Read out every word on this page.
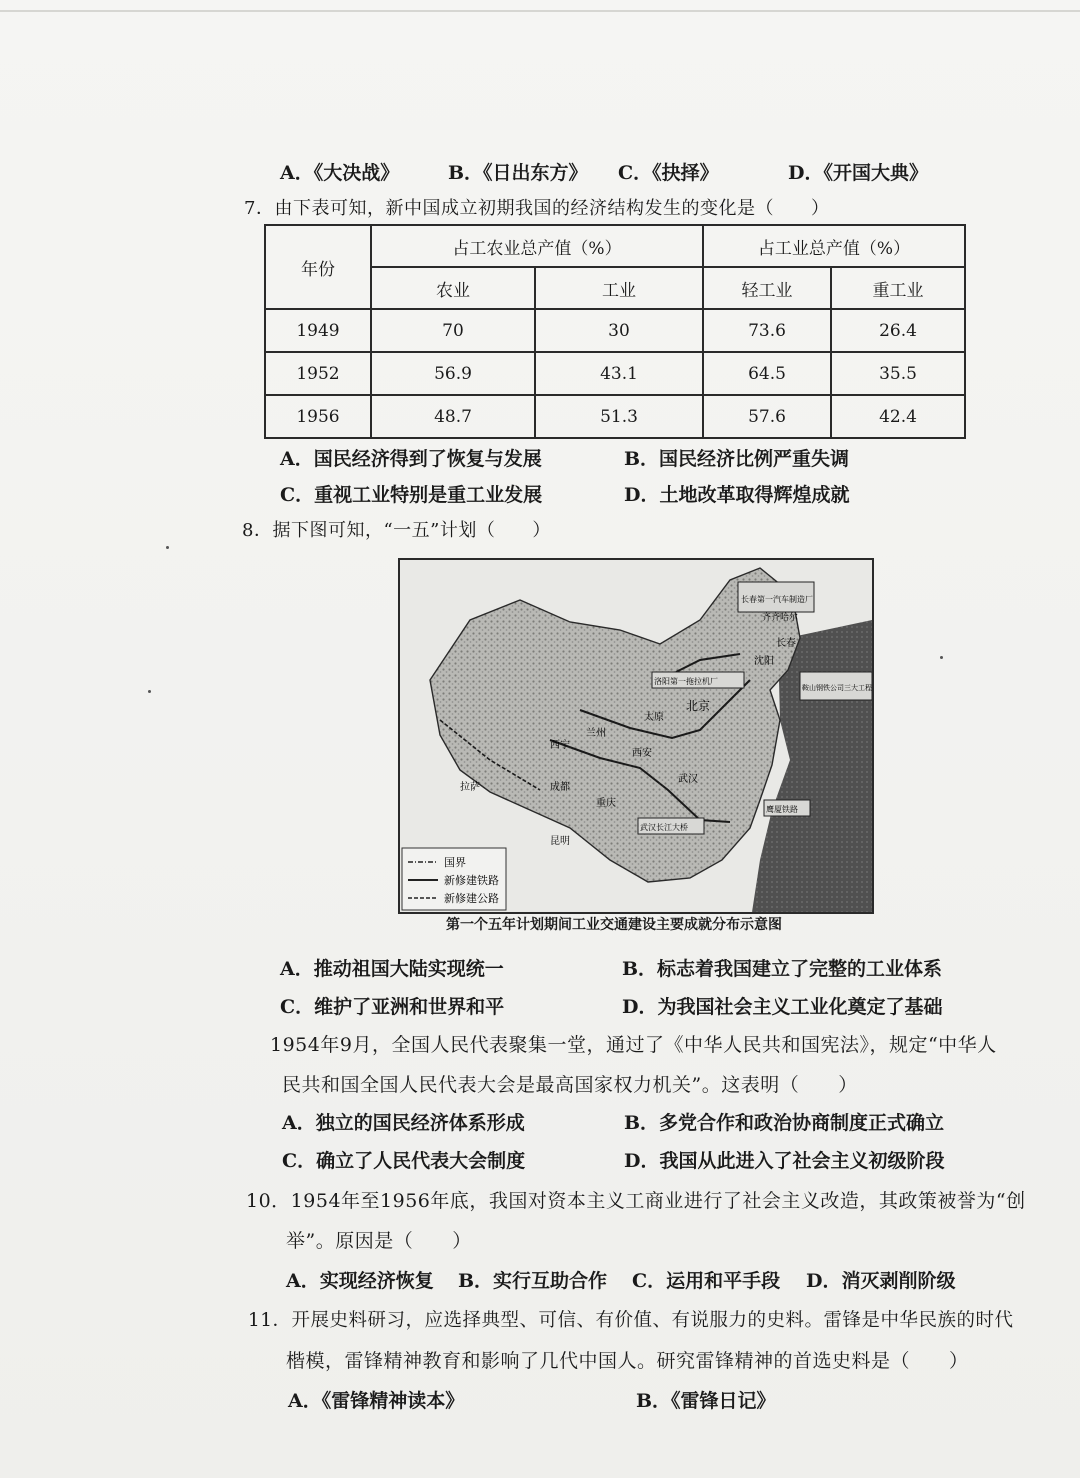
A．《大决战》	B．《日出东方》 C．《抉择》	D．《开国大典》
7．由下表可知，新中国成立初期我国的经济结构发生的变化是（　　）
年份	占工农业总产值（%）		占工业总产值（%）	
	农业	工业	轻工业	重工业
1949	70	30	73.6	26.4
1952	56.9	43.1	64.5	35.5
1956	48.7	51.3	57.6	42.4
A．国民经济得到了恢复与发展	B．国民经济比例严重失调
C．重视工业特别是重工业发展	D．土地改革取得辉煌成就
8．据下图可知，“一五”计划（　　）
国界
新修建铁路
新修建公路
长春第一汽车制造厂
鞍山钢铁公司三大工程
洛阳第一拖拉机厂
武汉长江大桥
鹰厦铁路
北京
沈阳
长春
齐齐哈尔
兰州
西安
太原
西宁
成都
重庆
武汉
拉萨
昆明
第一个五年计划期间工业交通建设主要成就分布示意图
A．推动祖国大陆实现统一	B．标志着我国建立了完整的工业体系
C．维护了亚洲和世界和平	D．为我国社会主义工业化奠定了基础
1954年9月，全国人民代表聚集一堂，通过了《中华人民共和国宪法》，规定“中华人
民共和国全国人民代表大会是最高国家权力机关”。这表明（　　）
A．独立的国民经济体系形成	B．多党合作和政治协商制度正式确立
C．确立了人民代表大会制度	D．我国从此进入了社会主义初级阶段
10．1954年至1956年底，我国对资本主义工商业进行了社会主义改造，其政策被誉为“创
举”。原因是（　　）
A．实现经济恢复 B．实行互助合作 C．运用和平手段 D．消灭剥削阶级
11．开展史料研习，应选择典型、可信、有价值、有说服力的史料。雷锋是中华民族的时代
楷模，雷锋精神教育和影响了几代中国人。研究雷锋精神的首选史料是（　　）
A．《雷锋精神读本》	B．《雷锋日记》
